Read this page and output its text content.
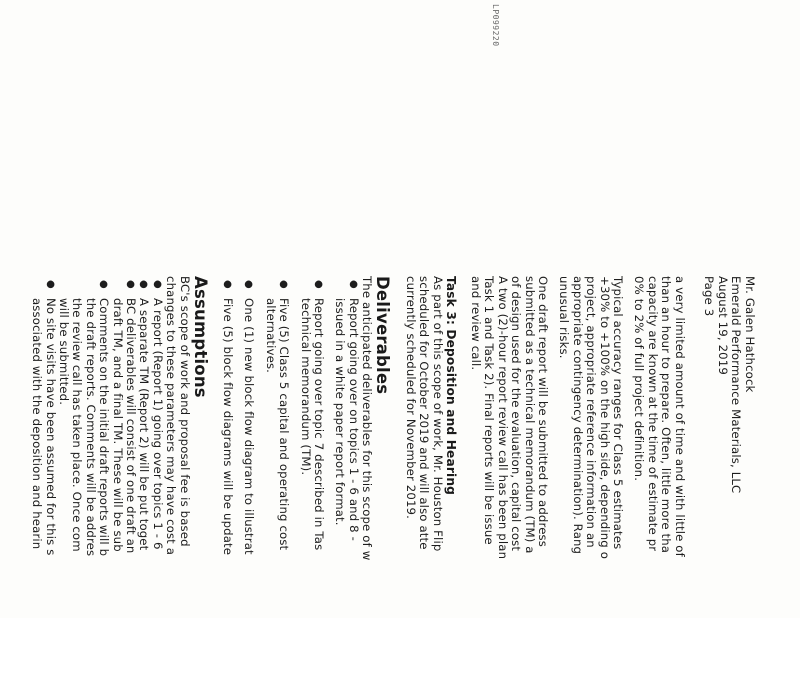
Mr. Galen Hathcock

Emerald Performance Materials, LLC

August 19, 2019

Page 3

a very limited amount of time and with little of

than an hour to prepare. Often, little more tha

capacity are known at the time of estimate pr

0% to 2% of full project definition.

Typical accuracy ranges for Class 5 estimates

+30% to +100% on the high side, depending o

project, appropriate reference information an

appropriate contingency determination). Rang

unusual risks.

One draft report will be submitted to address

submitted as a technical memorandum (TM) a

of design used for the evaluation, capital cost

A two (2)-hour report review call has been plan

Task 1 and Task 2). Final reports will be issue

and review call.

Task 3: Deposition and Hearing

As part of this scope of work, Mr. Houston Flip

scheduled for October 2019 and will also atte

currently scheduled for November 2019.

Deliverables

The anticipated deliverables for this scope of w

●

Report going over on topics 1 - 6 and 8 -

issued in a white paper report format.

●

Report going over topic 7 described in Tas

technical memorandum (TM).

●

Five (5) Class 5 capital and operating cost

alternatives.

●

One (1) new block flow diagram to illustrat

●

Five (5) block flow diagrams will be update

Assumptions

BC's scope of work and proposal fee is based

changes to these parameters may have cost a

●

A report (Report 1) going over topics 1 - 6

●

A separate TM (Report 2) will be put toget

●

BC deliverables will consist of one draft an

draft TM, and a final TM. These will be sub

●

Comments on the initial draft reports will b

the draft reports. Comments will be addres

the review call has taken place. Once com

will be submitted.

●

No site visits have been assumed for this s

associated with the deposition and hearin

LP099220
